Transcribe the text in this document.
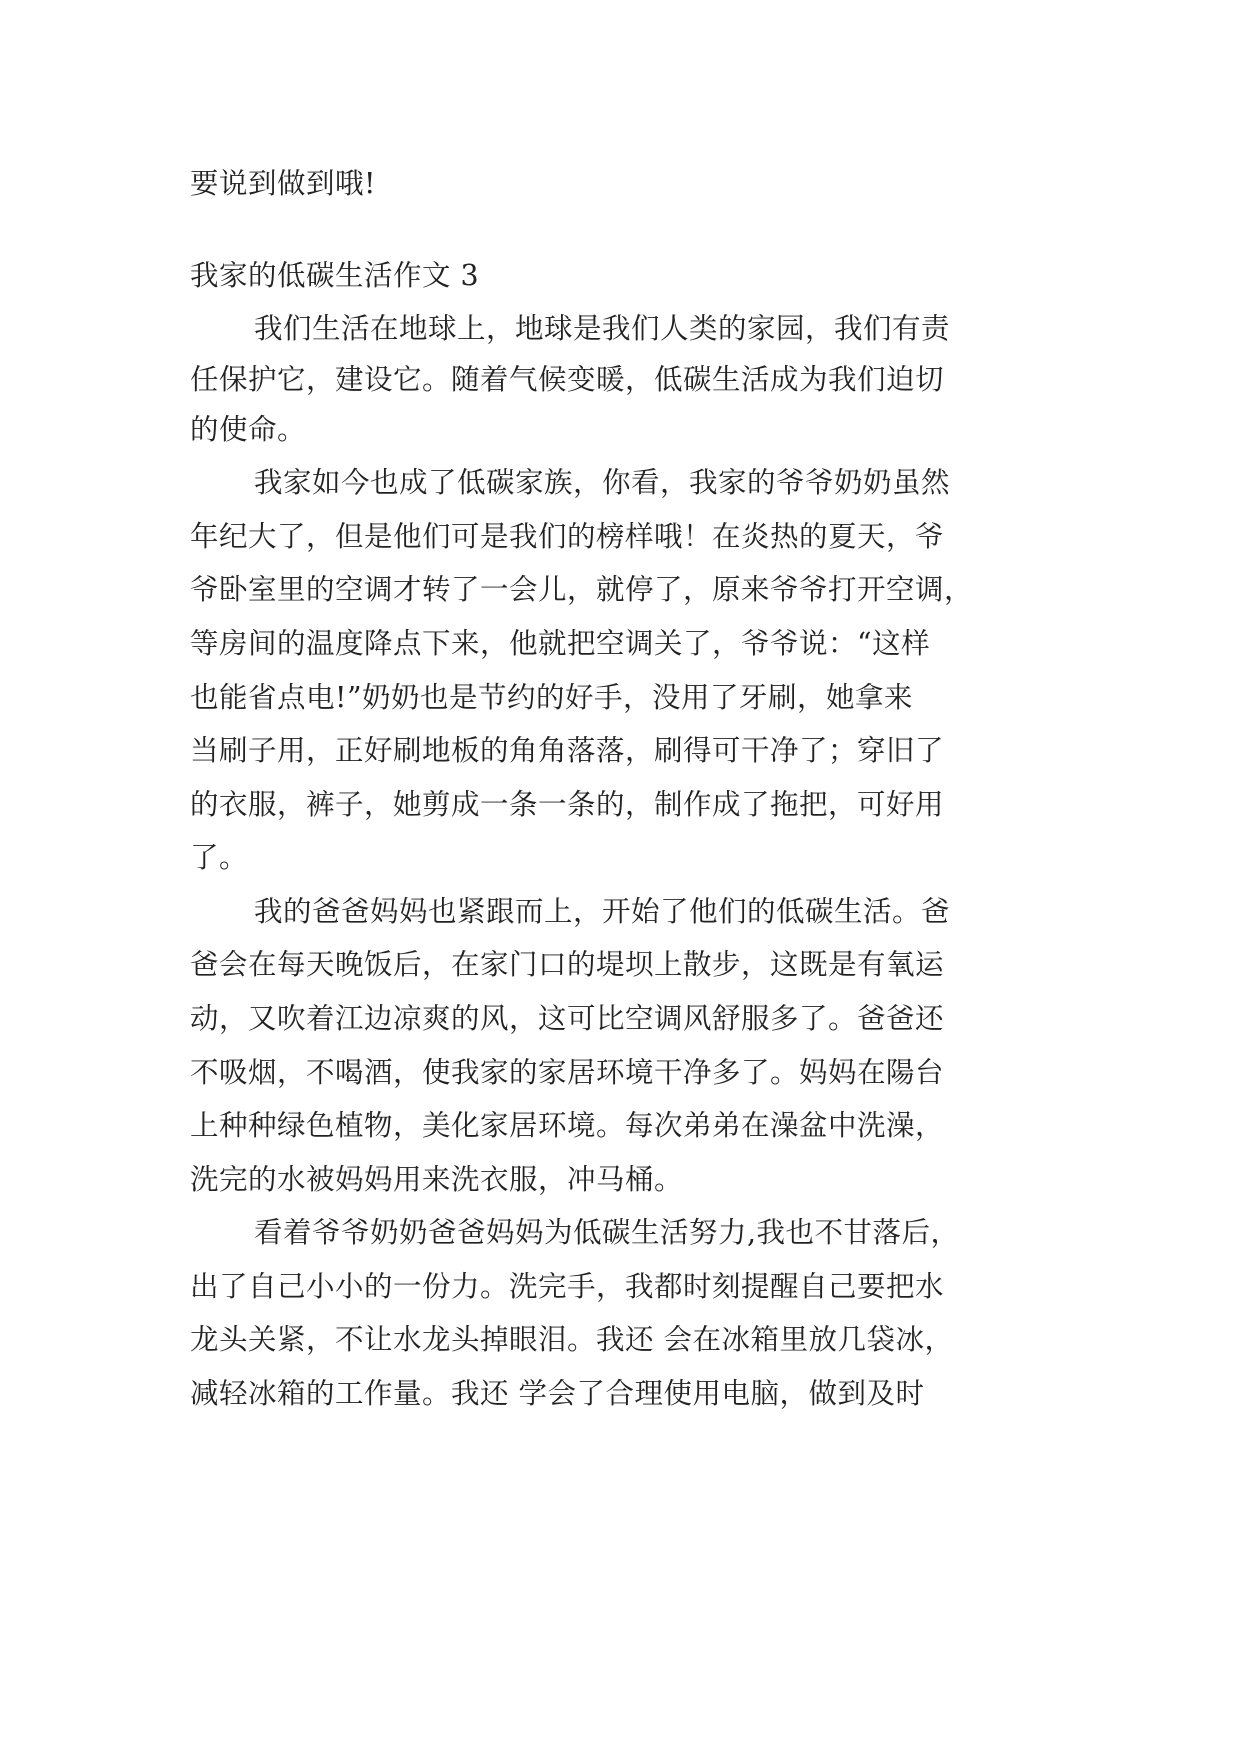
要说到做到哦!
我家的低碳生活作文 3
我们生活在地球上，地球是我们人类的家园，我们有责
任保护它，建设它。随着气候变暖，低碳生活成为我们迫切
的使命。
我家如今也成了低碳家族，你看，我家的爷爷奶奶虽然
年纪大了，但是他们可是我们的榜样哦！在炎热的夏天，爷
爷卧室里的空调才转了一会儿，就停了，原来爷爷打开空调，
等房间的温度降点下来，他就把空调关了，爷爷说：“这样
也能省点电!”奶奶也是节约的好手，没用了牙刷，她拿来
当刷子用，正好刷地板的角角落落，刷得可干净了；穿旧了
的衣服，裤子，她剪成一条一条的，制作成了拖把，可好用
了。
我的爸爸妈妈也紧跟而上，开始了他们的低碳生活。爸
爸会在每天晚饭后，在家门口的堤坝上散步，这既是有氧运
动，又吹着江边凉爽的风，这可比空调风舒服多了。爸爸还
不吸烟，不喝酒，使我家的家居环境干净多了。妈妈在陽台
上种种绿色植物，美化家居环境。每次弟弟在澡盆中洗澡，
洗完的水被妈妈用来洗衣服，冲马桶。
看着爷爷奶奶爸爸妈妈为低碳生活努力,我也不甘落后，
出了自己小小的一份力。洗完手，我都时刻提醒自己要把水
龙头关紧，不让水龙头掉眼泪。我还 会在冰箱里放几袋冰，
减轻冰箱的工作量。我还 学会了合理使用电脑，做到及时
